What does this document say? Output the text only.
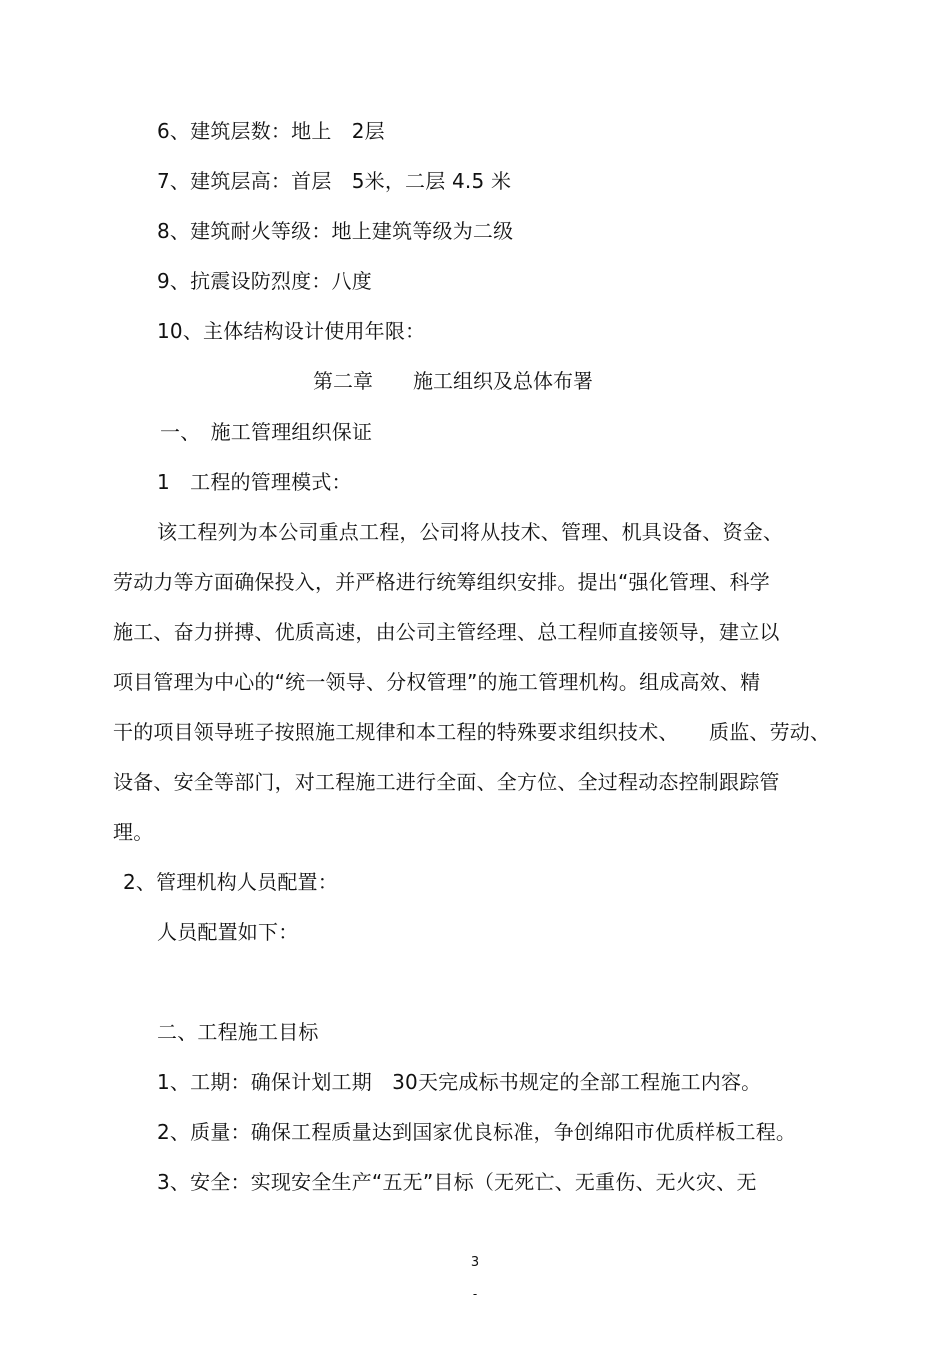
6、建筑层数：地上　2层
7、建筑层高：首层　5米，二层 4.5 米
8、建筑耐火等级：地上建筑等级为二级
9、抗震设防烈度：八度
10、主体结构设计使用年限：
第二章　　施工组织及总体布署
一、　施工管理组织保证
1　工程的管理模式：
该工程列为本公司重点工程，公司将从技术、管理、机具设备、资金、
劳动力等方面确保投入，并严格进行统筹组织安排。提出“强化管理、科学
施工、奋力拼搏、优质高速，由公司主管经理、总工程师直接领导，建立以
项目管理为中心的“统一领导、分权管理”的施工管理机构。组成高效、精
干的项目领导班子按照施工规律和本工程的特殊要求组织技术、　　质监、劳动、
设备、安全等部门，对工程施工进行全面、全方位、全过程动态控制跟踪管
理。
2、管理机构人员配置：
人员配置如下：
二、工程施工目标
1、工期：确保计划工期　30天完成标书规定的全部工程施工内容。
2、质量：确保工程质量达到国家优良标准，争创绵阳市优质样板工程。
3、安全：实现安全生产“五无”目标（无死亡、无重伤、无火灾、无
3
-
